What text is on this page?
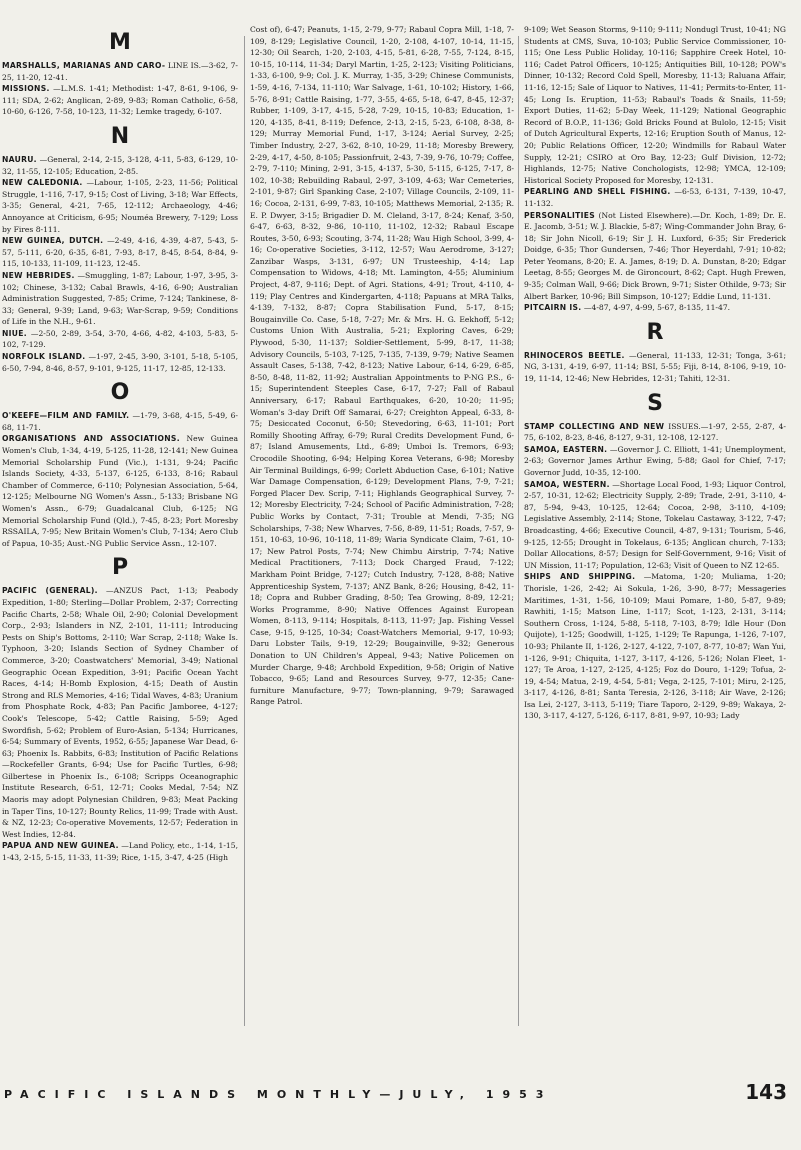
M

MARSHALLS, MARIANAS AND CARO- LINE IS.—3-62, 7-25, 11-20, 12-41.

MISSIONS. —L.M.S. 1-41; Methodist: 1-47, 8-61, 9-106, 9-111; SDA, 2-62; Anglican, 2-89, 9-83; Roman Catholic, 6-58, 10-60, 6-126, 7-58, 10-123, 11-32; Lemke tragedy, 6-107.

N

NAURU. —General, 2-14, 2-15, 3-128, 4-11, 5-83, 6-129, 10-32, 11-55, 12-105; Education, 2-85.

NEW CALEDONIA. —Labour, 1-105, 2-23, 11-56; Political Struggle, 1-116, 7-17, 9-15; Cost of Living, 3-18; War Effects, 3-35; General, 4-21, 7-65, 12-112; Archaeology, 4-46; Annoyance at Criticism, 6-95; Nouméa Brewery, 7-129; Loss by Fires 8-111.

NEW GUINEA, DUTCH. —2-49, 4-16, 4-39, 4-87, 5-43, 5-57, 5-111, 6-20, 6-35, 6-81, 7-93, 8-17, 8-45, 8-54, 8-84, 9-115, 10-133, 11-109, 11-123, 12-45.

NEW HEBRIDES. —Smuggling, 1-87; Labour, 1-97, 3-95, 3-102; Chinese, 3-132; Cabal Brawls, 4-16, 6-90; Australian Administration Suggested, 7-85; Crime, 7-124; Tankinese, 8-33; General, 9-39; Land, 9-63; War-Scrap, 9-59; Conditions of Life in the N.H., 9-61.

NIUE. —2-50, 2-89, 3-54, 3-70, 4-66, 4-82, 4-103, 5-83, 5-102, 7-129.

NORFOLK ISLAND. —1-97, 2-45, 3-90, 3-101, 5-18, 5-105, 6-50, 7-94, 8-46, 8-57, 9-101, 9-125, 11-17, 12-85, 12-133.

O

O'KEEFE—FILM AND FAMILY. —1-79, 3-68, 4-15, 5-49, 6-68, 11-71.

ORGANISATIONS AND ASSOCIATIONS. New Guinea Women's Club, 1-34, 4-19, 5-125, 11-28, 12-141; New Guinea Memorial Scholarship Fund (Vic.), 1-131, 9-24; Pacific Islands Society, 4-33, 5-137, 6-125, 6-133, 8-16; Rabaul Chamber of Commerce, 6-110; Polynesian Association, 5-64, 12-125; Melbourne NG Women's Assn., 5-133; Brisbane NG Women's Assn., 6-79; Guadalcanal Club, 6-125; NG Memorial Scholarship Fund (Qld.), 7-45, 8-23; Port Moresby RSSAILA, 7-95; New Britain Women's Club, 7-134; Aero Club of Papua, 10-35; Aust.-NG Public Service Assn., 12-107.

P

PACIFIC (GENERAL). —ANZUS Pact, 1-13; Peabody Expedition, 1-80; Sterling—Dollar Problem, 2-37; Correcting Pacific Charts, 2-58; Whale Oil, 2-90; Colonial Development Corp., 2-93; Islanders in NZ, 2-101, 11-111; Introducing Pests on Ship's Bottoms, 2-110; War Scrap, 2-118; Wake Is. Typhoon, 3-20; Islands Section of Sydney Chamber of Commerce, 3-20; Coastwatchers' Memorial, 3-49; National Geographic Ocean Expedition, 3-91; Pacific Ocean Yacht Races, 4-14; H-Bomb Explosion, 4-15; Death of Austin Strong and RLS Memories, 4-16; Tidal Waves, 4-83; Uranium from Phosphate Rock, 4-83; Pan Pacific Jamboree, 4-127; Cook's Telescope, 5-42; Cattle Raising, 5-59; Aged Swordfish, 5-62; Problem of Euro-Asian, 5-134; Hurricanes, 6-54; Summary of Events, 1952, 6-55; Japanese War Dead, 6-63; Phoenix Is. Rabbits, 6-83; Institution of Pacific Relations—Rockefeller Grants, 6-94; Use for Pacific Turtles, 6-98; Gilbertese in Phoenix Is., 6-108; Scripps Oceanographic Institute Research, 6-51, 12-71; Cooks Medal, 7-54; NZ Maoris may adopt Polynesian Children, 9-83; Meat Packing in Taper Tins, 10-127; Bounty Relics, 11-99; Trade with Aust. & NZ, 12-23; Co-operative Movements, 12-57; Federation in West Indies, 12-84.

PAPUA AND NEW GUINEA. —Land Policy, etc., 1-14, 1-15, 1-43, 2-15, 5-15, 11-33, 11-39; Rice, 1-15, 3-47, 4-25 (High

Cost of), 6-47; Peanuts, 1-15, 2-79, 9-77; Rabaul Copra Mill, 1-18, 7-109, 8-129; Legislative Council, 1-20, 2-108, 4-107, 10-14, 11-15, 12-30; Oil Search, 1-20, 2-103, 4-15, 5-81, 6-28, 7-55, 7-124, 8-15, 10-15, 10-114, 11-34; Daryl Martin, 1-25, 2-123; Visiting Politicians, 1-33, 6-100, 9-9; Col. J. K. Murray, 1-35, 3-29; Chinese Communists, 1-59, 4-16, 7-134, 11-110; War Salvage, 1-61, 10-102; History, 1-66, 5-76, 8-91; Cattle Raising, 1-77, 3-55, 4-65, 5-18, 6-47, 8-45, 12-37; Rubber, 1-109, 3-17, 4-15, 5-28, 7-29, 10-15, 10-83; Education, 1-120, 4-135, 8-41, 8-119; Defence, 2-13, 2-15, 5-23, 6-108, 8-38, 8-129; Murray Memorial Fund, 1-17, 3-124; Aerial Survey, 2-25; Timber Industry, 2-27, 3-62, 8-10, 10-29, 11-18; Moresby Brewery, 2-29, 4-17, 4-50, 8-105; Passionfruit, 2-43, 7-39, 9-76, 10-79; Coffee, 2-79, 7-110; Mining, 2-91, 3-15, 4-137, 5-30, 5-115, 6-125, 7-17, 8-102, 10-38; Rebuilding Rabaul, 2-97, 3-109, 4-63; War Cemeteries, 2-101, 9-87; Girl Spanking Case, 2-107; Village Councils, 2-109, 11-16; Cocoa, 2-131, 6-99, 7-83, 10-105; Matthews Memorial, 2-135; R. E. P. Dwyer, 3-15; Brigadier D. M. Cleland, 3-17, 8-24; Kenaf, 3-50, 6-47, 6-63, 8-32, 9-86, 10-110, 11-102, 12-32; Rabaul Escape Routes, 3-50, 6-93; Scouting, 3-74, 11-28; Wau High School, 3-99, 4-16; Co-operative Societies, 3-112, 12-57; Wau Aerodrome, 3-127; Zanzibar Wasps, 3-131, 6-97; UN Trusteeship, 4-14; Lap Compensation to Widows, 4-18; Mt. Lamington, 4-55; Aluminium Project, 4-87, 9-116; Dept. of Agri. Stations, 4-91; Trout, 4-110, 4-119; Play Centres and Kindergarten, 4-118; Papuans at MRA Talks, 4-139, 7-132, 8-87; Copra Stabilisation Fund, 5-17, 8-15; Bougainville Co. Case, 5-18, 7-27; Mr. & Mrs. H. G. Eekhoff, 5-12; Customs Union With Australia, 5-21; Exploring Caves, 6-29; Plywood, 5-30, 11-137; Soldier-Settlement, 5-99, 8-17, 11-38; Advisory Councils, 5-103, 7-125, 7-135, 7-139, 9-79; Native Seamen Assault Cases, 5-138, 7-42, 8-123; Native Labour, 6-14, 6-29, 6-85, 8-50, 8-48, 11-82, 11-92; Australian Appointments to P-NG P.S., 6-15; Superintendent Steeples Case, 6-17, 7-27; Fall of Rabaul Anniversary, 6-17; Rabaul Earthquakes, 6-20, 10-20; 11-95; Woman's 3-day Drift Off Samarai, 6-27; Creighton Appeal, 6-33, 8-75; Desiccated Coconut, 6-50; Stevedoring, 6-63, 11-101; Port Romilly Shooting Affray, 6-79; Rural Credits Development Fund, 6-87; Island Amusements, Ltd., 6-89; Umboi Is. Tremors, 6-93; Crocodile Shooting, 6-94; Helping Korea Veterans, 6-98; Moresby Air Terminal Buildings, 6-99; Corlett Abduction Case, 6-101; Native War Damage Compensation, 6-129; Development Plans, 7-9, 7-21; Forged Placer Dev. Scrip, 7-11; Highlands Geographical Survey, 7-12; Moresby Electricity, 7-24; School of Pacific Administration, 7-28; Public Works by Contact, 7-31; Trouble at Mendi, 7-35; NG Scholarships, 7-38; New Wharves, 7-56, 8-89, 11-51; Roads, 7-57, 9-151, 10-63, 10-96, 10-118, 11-89; Waria Syndicate Claim, 7-61, 10-17; New Patrol Posts, 7-74; New Chimbu Airstrip, 7-74; Native Medical Practitioners, 7-113; Dock Charged Fraud, 7-122; Markham Point Bridge, 7-127; Cutch Industry, 7-128, 8-88; Native Apprenticeship System, 7-137; ANZ Bank, 8-26; Housing, 8-42, 11-18; Copra and Rubber Grading, 8-50; Tea Growing, 8-89, 12-21; Works Programme, 8-90; Native Offences Against European Women, 8-113, 9-114; Hospitals, 8-113, 11-97; Jap. Fishing Vessel Case, 9-15, 9-125, 10-34; Coast-Watchers Memorial, 9-17, 10-93; Daru Lobster Tails, 9-19, 12-29; Bougainville, 9-32; Generous Donation to UN Children's Appeal, 9-43; Native Policemen on Murder Charge, 9-48; Archbold Expedition, 9-58; Origin of Native Tobacco, 9-65; Land and Resources Survey, 9-77, 12-35; Cane-furniture Manufacture, 9-77; Town-planning, 9-79; Sarawaged Range Patrol.

9-109; Wet Season Storms, 9-110; 9-111; Nondugl Trust, 10-41; NG Students at CMS, Suva, 10-103; Public Service Commissioner, 10-115; One Less Public Holiday, 10-116; Sapphire Creek Hotel, 10-116; Cadet Patrol Officers, 10-125; Antiquities Bill, 10-128; POW's Dinner, 10-132; Record Cold Spell, Moresby, 11-13; Raluana Affair, 11-16, 12-15; Sale of Liquor to Natives, 11-41; Permits-to-Enter, 11-45; Long Is. Eruption, 11-53; Rabaul's Toads & Snails, 11-59; Export Duties, 11-62; 5-Day Week, 11-129; National Geographic Record of B.O.P., 11-136; Gold Bricks Found at Bulolo, 12-15; Visit of Dutch Agricultural Experts, 12-16; Eruption South of Manus, 12-20; Public Relations Officer, 12-20; Windmills for Rabaul Water Supply, 12-21; CSIRO at Oro Bay, 12-23; Gulf Division, 12-72; Highlands, 12-75; Native Conchologists, 12-98; YMCA, 12-109; Historical Society Proposed for Moresby, 12-131.

PEARLING AND SHELL FISHING. —6-53, 6-131, 7-139, 10-47, 11-132.

PERSONALITIES (Not Listed Elsewhere).—Dr. Koch, 1-89; Dr. E. E. Jacomb, 3-51; W. J. Blackie, 5-87; Wing-Commander John Bray, 6-18; Sir John Nicoll, 6-19; Sir J. H. Luxford, 6-35; Sir Frederick Doidge, 6-35; Thor Gundersen, 7-46; Thor Heyerdahl, 7-91; 10-82; Peter Yeomans, 8-20; E. A. James, 8-19; D. A. Dunstan, 8-20; Edgar Leetag, 8-55; Georges M. de Gironcourt, 8-62; Capt. Hugh Frewen, 9-35; Colman Wall, 9-66; Dick Brown, 9-71; Sister Othilde, 9-73; Sir Albert Barker, 10-96; Bill Simpson, 10-127; Eddie Lund, 11-131.

PITCAIRN IS. —4-87, 4-97, 4-99, 5-67, 8-135, 11-47.

R

RHINOCEROS BEETLE. —General, 11-133, 12-31; Tonga, 3-61; NG, 3-131, 4-19, 6-97, 11-14; BSI, 5-55; Fiji, 8-14, 8-106, 9-19, 10-19, 11-14, 12-46; New Hebrides, 12-31; Tahiti, 12-31.

S

STAMP COLLECTING AND NEW ISSUES.—1-97, 2-55, 2-87, 4-75, 6-102, 8-23, 8-46, 8-127, 9-31, 12-108, 12-127.

SAMOA, EASTERN. —Governor J. C. Elliott, 1-41; Unemployment, 2-63; Governor James Arthur Ewing, 5-88; Gaol for Chief, 7-17; Governor Judd, 10-35, 12-100.

SAMOA, WESTERN. —Shortage Local Food, 1-93; Liquor Control, 2-57, 10-31, 12-62; Electricity Supply, 2-89; Trade, 2-91, 3-110, 4-87, 5-94, 9-43, 10-125, 12-64; Cocoa, 2-98, 3-110, 4-109; Legislative Assembly, 2-114; Stone, Tokelau Castaway, 3-122, 7-47; Broadcasting, 4-66; Executive Council, 4-87, 9-131; Tourism, 5-46, 9-125, 12-55; Drought in Tokelaus, 6-135; Anglican church, 7-133; Dollar Allocations, 8-57; Design for Self-Government, 9-16; Visit of UN Mission, 11-17; Population, 12-63; Visit of Queen to NZ 12-65.

SHIPS AND SHIPPING. —Matoma, 1-20; Muliama, 1-20; Thorisle, 1-26, 2-42; Ai Sokula, 1-26, 3-90, 8-77; Messageries Maritimes, 1-31, 1-56, 10-109; Maui Pomare, 1-80, 5-87, 9-89; Rawhiti, 1-15; Matson Line, 1-117; Scot, 1-123, 2-131, 3-114; Southern Cross, 1-124, 5-88, 5-118, 7-103, 8-79; Idle Hour (Don Quijote), 1-125; Goodwill, 1-125, 1-129; Te Rapunga, 1-126, 7-107, 10-93; Philante II, 1-126, 2-127, 4-122, 7-107, 8-77, 10-87; Wan Yui, 1-126, 9-91; Chiquita, 1-127, 3-117, 4-126, 5-126; Nolan Fleet, 1-127; Te Aroa, 1-127, 2-125, 4-125; Foz do Douro, 1-129; Tofua, 2-19, 4-54; Matua, 2-19, 4-54, 5-81; Vega, 2-125, 7-101; Miru, 2-125, 3-117, 4-126, 8-81; Santa Teresia, 2-126, 3-118; Air Wave, 2-126; Isa Lei, 2-127, 3-113, 5-119; Tiare Taporo, 2-129, 9-89; Wakaya, 2-130, 3-117, 4-127, 5-126, 6-117, 8-81, 9-97, 10-93; Lady

PACIFIC ISLANDS MONTHLY—JULY, 1953	143
